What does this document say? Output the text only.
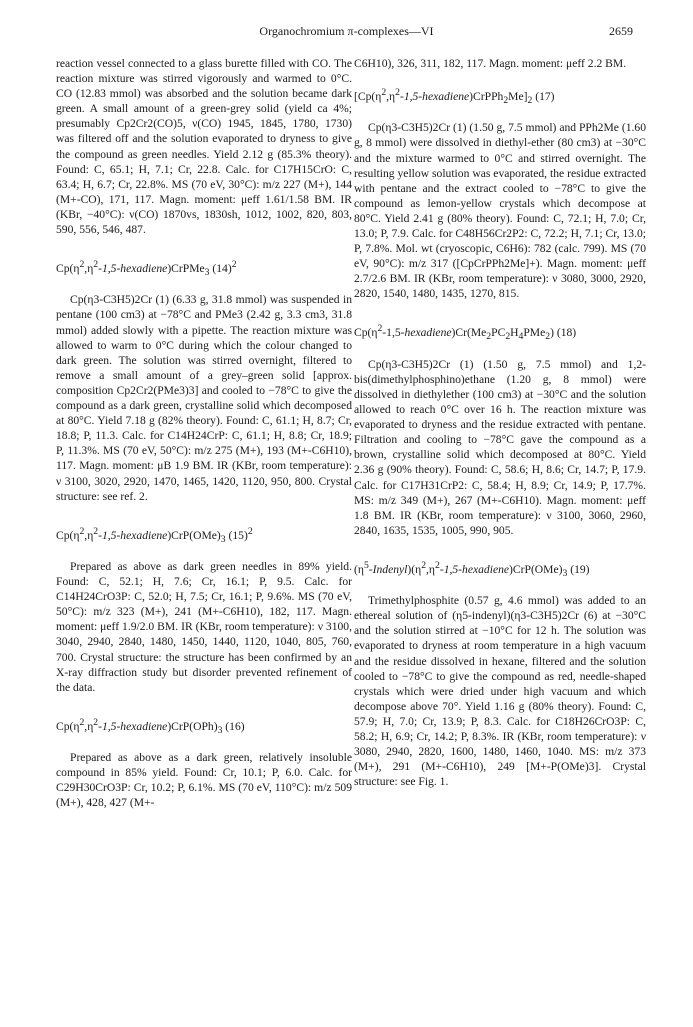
Organochromium π-complexes—VI	2659

reaction vessel connected to a glass burette filled with CO. The reaction mixture was stirred vigorously and warmed to 0°C. CO (12.83 mmol) was absorbed and the solution became dark green. A small amount of a green-grey solid (yield ca 4%; presumably Cp2Cr2(CO)5, ν(CO) 1945, 1845, 1780, 1730) was filtered off and the solution evaporated to dryness to give the compound as green needles. Yield 2.12 g (85.3% theory). Found: C, 65.1; H, 7.1; Cr, 22.8. Calc. for C17H15CrO: C, 63.4; H, 6.7; Cr, 22.8%. MS (70 eV, 30°C): m/z 227 (M+), 144 (M+-CO), 171, 117. Magn. moment: μeff 1.61/1.58 BM. IR (KBr, −40°C): ν(CO) 1870vs, 1830sh, 1012, 1002, 820, 803, 590, 556, 546, 487.

$Cp(\eta^2,\eta^2-1,5-hexadiene)CrPMe_3$ $(14)^2$

Cp(η3-C3H5)2Cr (1) (6.33 g, 31.8 mmol) was suspended in pentane (100 cm3) at −78°C and PMe3 (2.42 g, 3.3 cm3, 31.8 mmol) added slowly with a pipette. The reaction mixture was allowed to warm to 0°C during which the colour changed to dark green. The solution was stirred overnight, filtered to remove a small amount of a grey–green solid [approx. composition Cp2Cr2(PMe3)3] and cooled to −78°C to give the compound as a dark green, crystalline solid which decomposed at 80°C. Yield 7.18 g (82% theory). Found: C, 61.1; H, 8.7; Cr, 18.8; P, 11.3. Calc. for C14H24CrP: C, 61.1; H, 8.8; Cr, 18.9; P, 11.3%. MS (70 eV, 50°C): m/z 275 (M+), 193 (M+-C6H10), 117. Magn. moment: μB 1.9 BM. IR (KBr, room temperature): ν 3100, 3020, 2920, 1470, 1465, 1420, 1120, 950, 800. Crystal structure: see ref. 2.

$Cp(\eta^2,\eta^2-1,5-hexadiene)CrP(OMe)_3$ $(15)^2$

Prepared as above as dark green needles in 89% yield. Found: C, 52.1; H, 7.6; Cr, 16.1; P, 9.5. Calc. for C14H24CrO3P: C, 52.0; H, 7.5; Cr, 16.1; P, 9.6%. MS (70 eV, 50°C): m/z 323 (M+), 241 (M+-C6H10), 182, 117. Magn. moment: μeff 1.9/2.0 BM. IR (KBr, room temperature): ν 3100, 3040, 2940, 2840, 1480, 1450, 1440, 1120, 1040, 805, 760, 700. Crystal structure: the structure has been confirmed by an X-ray diffraction study but disorder prevented refinement of the data.

$Cp(\eta^2,\eta^2-1,5-hexadiene)CrP(OPh)_3$ (16)

Prepared as above as a dark green, relatively insoluble compound in 85% yield. Found: Cr, 10.1; P, 6.0. Calc. for C29H30CrO3P: Cr, 10.2; P, 6.1%. MS (70 eV, 110°C): m/z 509 (M+), 428, 427 (M+-

C6H10), 326, 311, 182, 117. Magn. moment: μeff 2.2 BM.

$[Cp(\eta^2,\eta^2-1,5-hexadiene)CrPPh_2Me]_2$ (17)

Cp(η3-C3H5)2Cr (1) (1.50 g, 7.5 mmol) and PPh2Me (1.60 g, 8 mmol) were dissolved in diethyl-ether (80 cm3) at −30°C and the mixture warmed to 0°C and stirred overnight. The resulting yellow solution was evaporated, the residue extracted with pentane and the extract cooled to −78°C to give the compound as lemon-yellow crystals which decompose at 80°C. Yield 2.41 g (80% theory). Found: C, 72.1; H, 7.0; Cr, 13.0; P, 7.9. Calc. for C48H56Cr2P2: C, 72.2; H, 7.1; Cr, 13.0; P, 7.8%. Mol. wt (cryoscopic, C6H6): 782 (calc. 799). MS (70 eV, 90°C): m/z 317 ([CpCrPPh2Me]+). Magn. moment: μeff 2.7/2.6 BM. IR (KBr, room temperature): ν 3080, 3000, 2920, 2820, 1540, 1480, 1435, 1270, 815.

$Cp(\eta^2-1,5-hexadiene)Cr(Me_2PC_2H_4PMe_2)$ (18)

Cp(η3-C3H5)2Cr (1) (1.50 g, 7.5 mmol) and 1,2-bis(dimethylphosphino)ethane (1.20 g, 8 mmol) were dissolved in diethylether (100 cm3) at −30°C and the solution allowed to reach 0°C over 16 h. The reaction mixture was evaporated to dryness and the residue extracted with pentane. Filtration and cooling to −78°C gave the compound as a brown, crystalline solid which decomposed at 80°C. Yield 2.36 g (90% theory). Found: C, 58.6; H, 8.6; Cr, 14.7; P, 17.9. Calc. for C17H31CrP2: C, 58.4; H, 8.9; Cr, 14.9; P, 17.7%. MS: m/z 349 (M+), 267 (M+-C6H10). Magn. moment: μeff 1.8 BM. IR (KBr, room temperature): ν 3100, 3060, 2960, 2840, 1635, 1535, 1005, 990, 905.

$(\eta^5-Indenyl)(\eta^2,\eta^2-1,5-hexadiene)CrP(OMe)_3$ (19)

Trimethylphosphite (0.57 g, 4.6 mmol) was added to an ethereal solution of (η5-indenyl)(η3-C3H5)2Cr (6) at −30°C and the solution stirred at −10°C for 12 h. The solution was evaporated to dryness at room temperature in a high vacuum and the residue dissolved in hexane, filtered and the solution cooled to −78°C to give the compound as red, needle-shaped crystals which were dried under high vacuum and which decompose above 70°. Yield 1.16 g (80% theory). Found: C, 57.9; H, 7.0; Cr, 13.9; P, 8.3. Calc. for C18H26CrO3P: C, 58.2; H, 6.9; Cr, 14.2; P, 8.3%. IR (KBr, room temperature): ν 3080, 2940, 2820, 1600, 1480, 1460, 1040. MS: m/z 373 (M+), 291 (M+-C6H10), 249 [M+-P(OMe)3]. Crystal structure: see Fig. 1.
